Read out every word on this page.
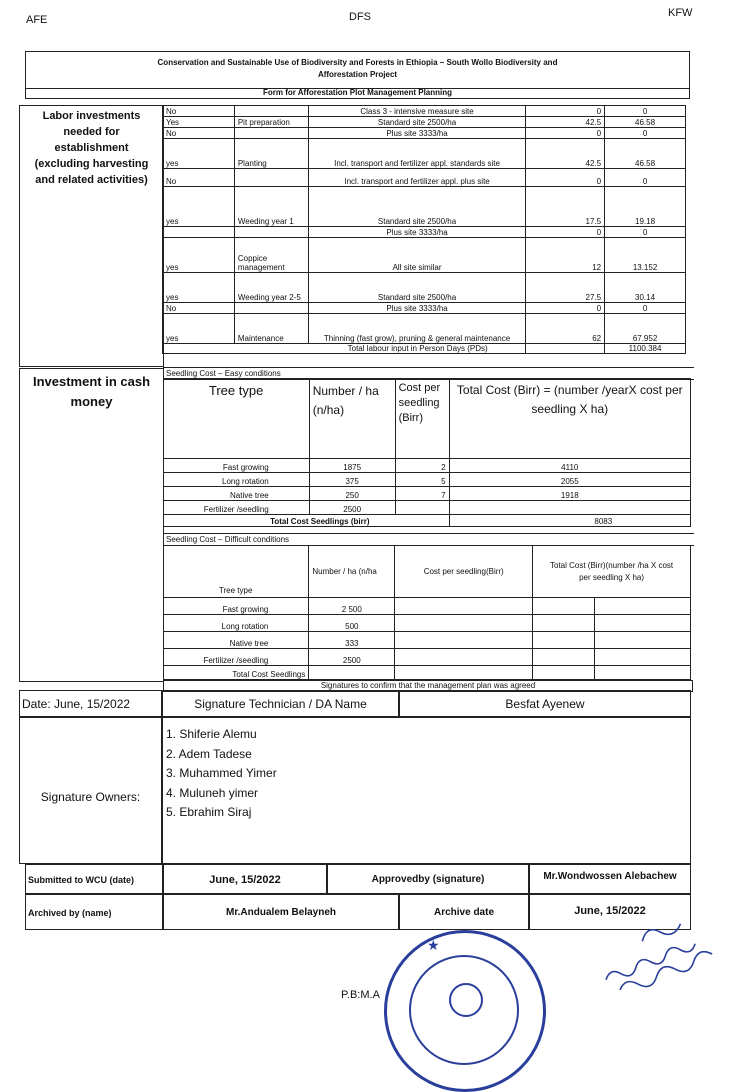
AFE	DFS	KFW
Conservation and Sustainable Use of Biodiversity and Forests in Ethiopia – South Wollo Biodiversity and
Afforestation Project
Form for Afforestation Plot Management Planning
Labor investments needed for establishment (excluding harvesting and related activities)
No		Class 3 - intensive measure site	0	0
Yes	Pit preparation	Standard site 2500/ha	42.5	46.58
No		Plus site 3333/ha	0	0
yes	Planting	Incl. transport and fertilizer appl. standards site	42.5	46.58
No		Incl. transport and fertilizer appl. plus site	0	0
yes	Weeding year 1	Standard site 2500/ha	17.5	19.18
		Plus site 3333/ha	0	0
yes	Coppice management	All site similar	12	13.152
yes	Weeding year 2-5	Standard site 2500/ha	27.5	30.14
No		Plus site 3333/ha	0	0
yes	Maintenance	Thinning (fast grow), pruning & general maintenance	62	67.952
Total labour input in Person Days (PDs)				1100.384
Investment in cash money
Seedling Cost – Easy conditions
Tree type	Number / ha (n/ha)	Cost per seedling (Birr)	Total Cost (Birr) = (number /yearX cost per seedling X ha)
Fast growing	1875	2	4110
Long rotation	375	5	2055
Native tree	250	7	1918
Fertilizer /seedling	2500		
Total Cost Seedlings (birr)			8083
Seedling Cost – Difficult conditions
Tree type	Number / ha (n/ha	Cost per seedling(Birr)	Total Cost (Birr)(number /ha X cost per seedling X ha)	
Fast growing	2 500			
Long rotation	500			
Native tree	333			
Fertilizer /seedling	2500			
Total Cost Seedlings				
Signatures to confirm that the management plan was agreed
Date: June, 15/2022	Signature Technician / DA Name	Besfat Ayenew
Signature Owners:
1. Shiferie Alemu
2. Adem Tadese
3. Muhammed Yimer
4. Muluneh yimer
5. Ebrahim Siraj
Submitted to WCU (date)	June, 15/2022	Approvedby (signature)	Mr.Wondwossen Alebachew
Archived by (name)	Mr.Andualem Belayneh	Archive date	June, 15/2022
P.B:M.A
★
